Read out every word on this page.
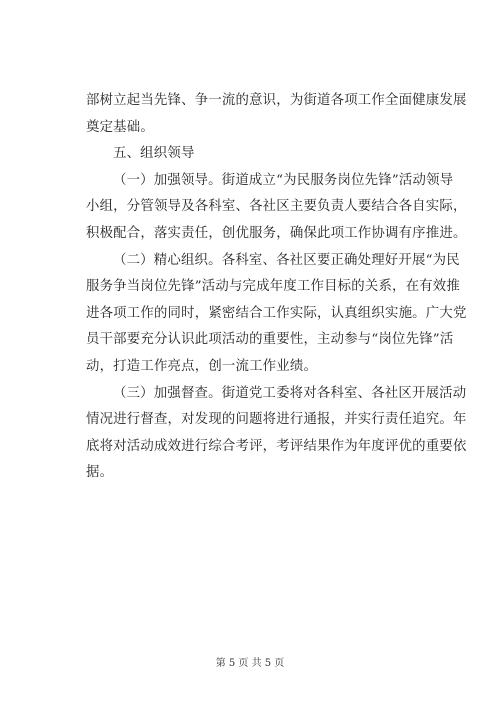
部树立起当先锋、争一流的意识，为街道各项工作全面健康发展
奠定基础。
五、组织领导
（一）加强领导。街道成立“为民服务岗位先锋”活动领导
小组，分管领导及各科室、各社区主要负责人要结合各自实际，
积极配合，落实责任，创优服务，确保此项工作协调有序推进。
（二）精心组织。各科室、各社区要正确处理好开展“为民
服务争当岗位先锋”活动与完成年度工作目标的关系，在有效推
进各项工作的同时，紧密结合工作实际，认真组织实施。广大党
员干部要充分认识此项活动的重要性，主动参与“岗位先锋”活
动，打造工作亮点，创一流工作业绩。
（三）加强督查。街道党工委将对各科室、各社区开展活动
情况进行督查，对发现的问题将进行通报，并实行责任追究。年
底将对活动成效进行综合考评，考评结果作为年度评优的重要依
据。
第 5 页 共 5 页
